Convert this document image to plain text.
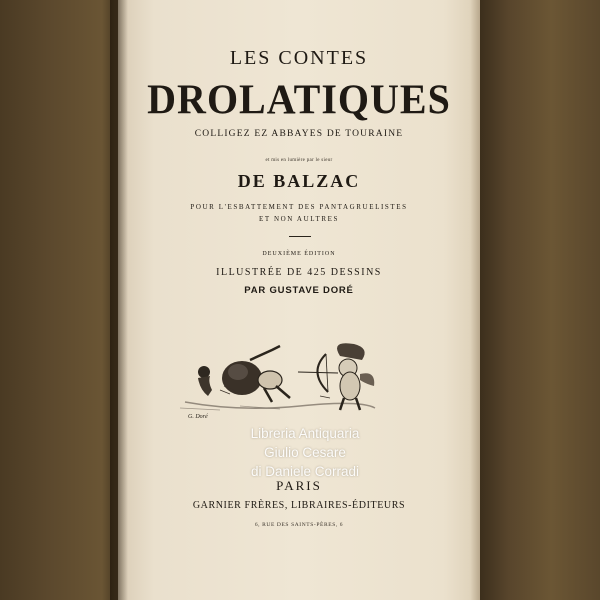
LES CONTES
DROLATIQUES
COLLIGEZ EZ ABBAYES DE TOURAINE
et mis en lumière par le sieur
DE BALZAC
POUR L'ESBATTEMENT DES PANTAGRUELISTES
ET NON AULTRES
DEUXIÈME ÉDITION
ILLUSTRÉE DE 425 DESSINS
PAR GUSTAVE DORÉ
G. Doré
Libreria Antiquaria
Giulio Cesare
di Daniele Corradi
PARIS
GARNIER FRÈRES, LIBRAIRES-ÉDITEURS
6, RUE DES SAINTS-PÈRES, 6
